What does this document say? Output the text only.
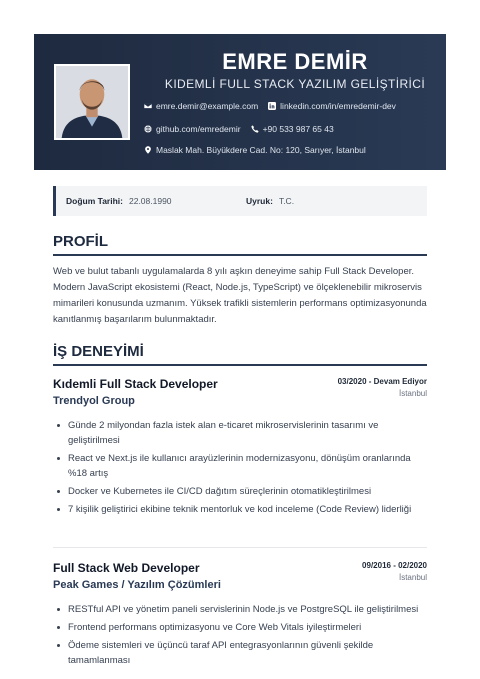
EMRE DEMİR
KIDEMLİ FULL STACK YAZILIM GELİŞTİRİCİ
emre.demir@example.com	linkedin.com/in/emredemir-dev
github.com/emredemir	+90 533 987 65 43
Maslak Mah. Büyükdere Cad. No: 120, Sarıyer, İstanbul
Doğum Tarihi: 22.08.1990	Uyruk: T.C.
PROFİL

Web ve bulut tabanlı uygulamalarda 8 yılı aşkın deneyime sahip Full Stack Developer. Modern JavaScript ekosistemi (React, Node.js, TypeScript) ve ölçeklenebilir mikroservis mimarileri konusunda uzmanım. Yüksek trafikli sistemlerin performans optimizasyonunda kanıtlanmış başarılarım bulunmaktadır.

İŞ DENEYİMİ
Kıdemli Full Stack Developer
Trendyol Group
03/2020 - Devam Ediyor
İstanbul
Günde 2 milyondan fazla istek alan e-ticaret mikroservislerinin tasarımı ve geliştirilmesi
React ve Next.js ile kullanıcı arayüzlerinin modernizasyonu, dönüşüm oranlarında %18 artış
Docker ve Kubernetes ile CI/CD dağıtım süreçlerinin otomatikleştirilmesi
7 kişilik geliştirici ekibine teknik mentorluk ve kod inceleme (Code Review) liderliği
Full Stack Web Developer
Peak Games / Yazılım Çözümleri
09/2016 - 02/2020
İstanbul
RESTful API ve yönetim paneli servislerinin Node.js ve PostgreSQL ile geliştirilmesi
Frontend performans optimizasyonu ve Core Web Vitals iyileştirmeleri
Ödeme sistemleri ve üçüncü taraf API entegrasyonlarının güvenli şekilde tamamlanması
